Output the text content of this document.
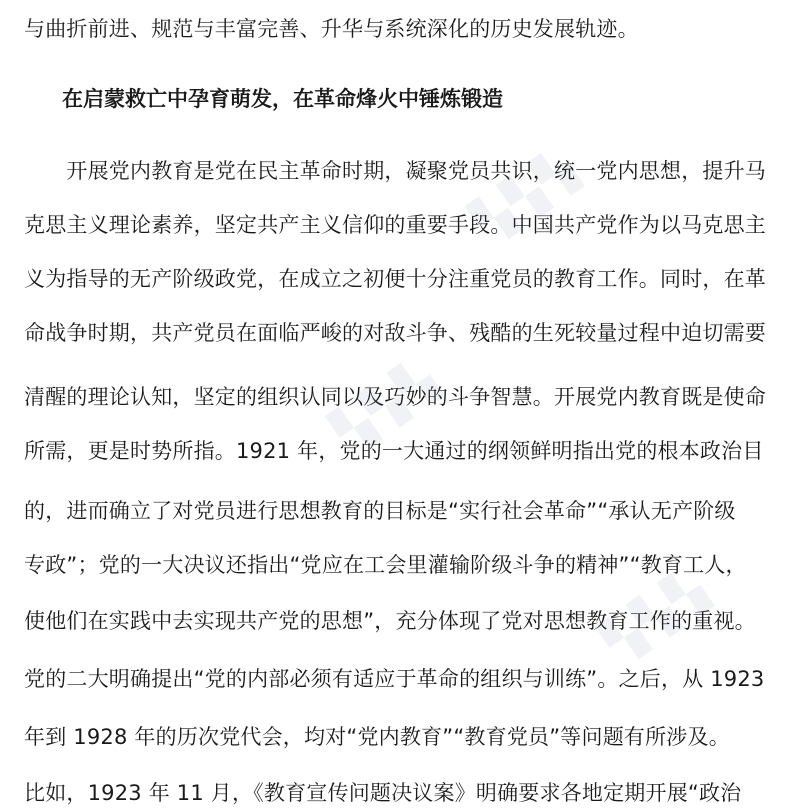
与曲折前进、规范与丰富完善、升华与系统深化的历史发展轨迹。
在启蒙救亡中孕育萌发，在革命烽火中锤炼锻造
　　开展党内教育是党在民主革命时期，凝聚党员共识，统一党内思想，提升马
克思主义理论素养，坚定共产主义信仰的重要手段。中国共产党作为以马克思主
义为指导的无产阶级政党，在成立之初便十分注重党员的教育工作。同时，在革
命战争时期，共产党员在面临严峻的对敌斗争、残酷的生死较量过程中迫切需要
清醒的理论认知，坚定的组织认同以及巧妙的斗争智慧。开展党内教育既是使命
所需，更是时势所指。1921 年，党的一大通过的纲领鲜明指出党的根本政治目
的，进而确立了对党员进行思想教育的目标是“实行社会革命”“承认无产阶级
专政”；党的一大决议还指出“党应在工会里灌输阶级斗争的精神”“教育工人，
使他们在实践中去实现共产党的思想”，充分体现了党对思想教育工作的重视。
党的二大明确提出“党的内部必须有适应于革命的组织与训练”。之后，从 1923
年到 1928 年的历次党代会，均对“党内教育”“教育党员”等问题有所涉及。
比如，1923 年 11 月，《教育宣传问题决议案》明确要求各地定期开展“政治
▚▚▚
▚▚▚
▚▚▚
